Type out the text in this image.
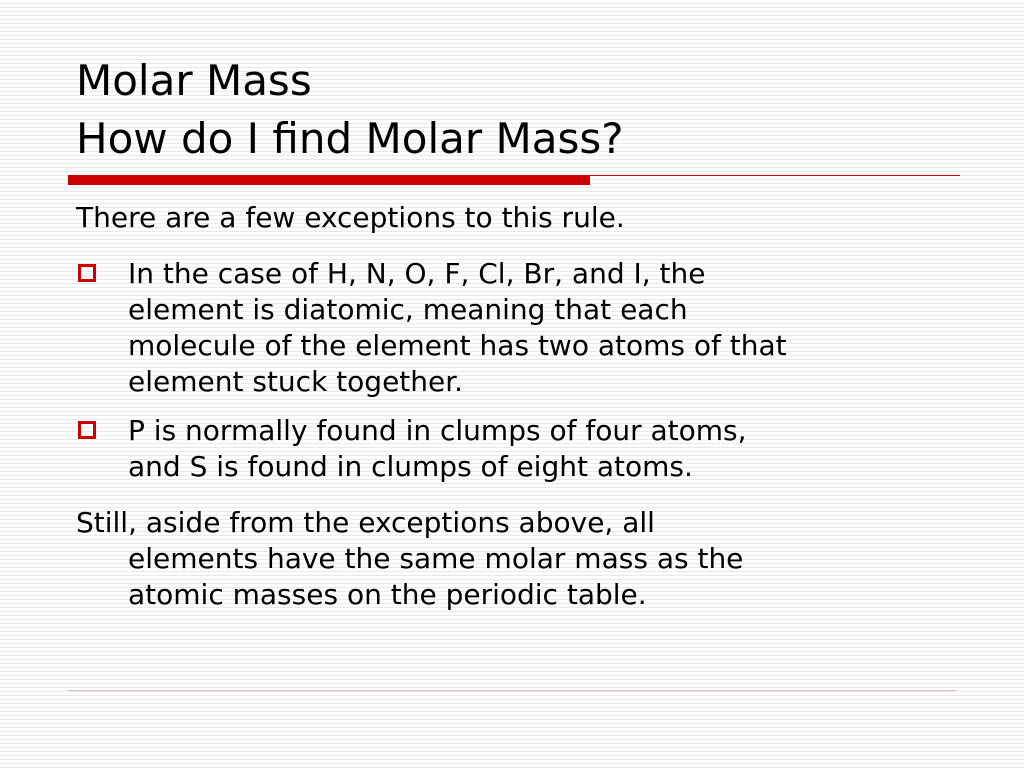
Molar Mass
How do I find Molar Mass?
There are a few exceptions to this rule.
In the case of H, N, O, F, Cl, Br, and I, the
element is diatomic, meaning that each
molecule of the element has two atoms of that
element stuck together.
P is normally found in clumps of four atoms,
and S is found in clumps of eight atoms.
Still, aside from the exceptions above, all
elements have the same molar mass as the
atomic masses on the periodic table.
